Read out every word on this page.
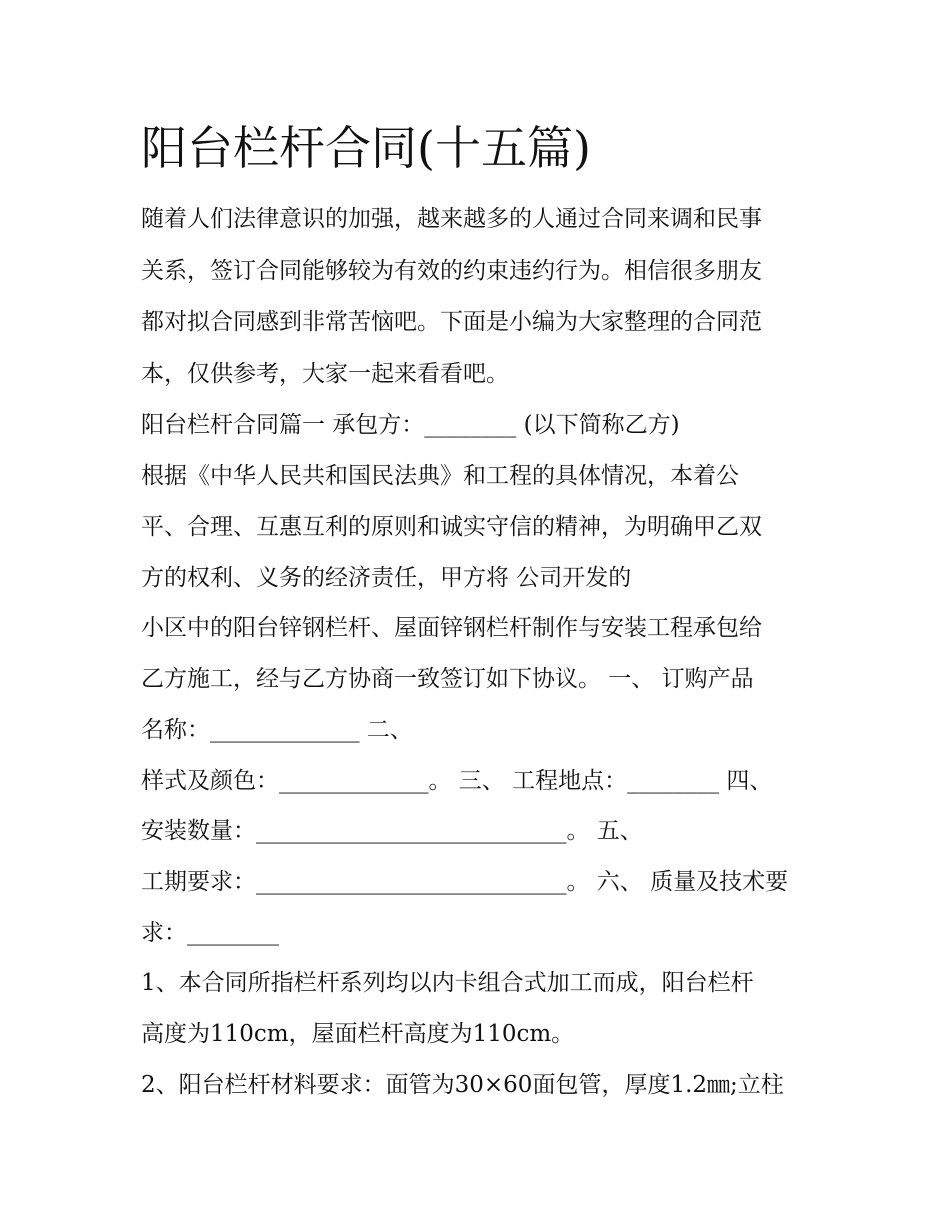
阳台栏杆合同(十五篇)

随着人们法律意识的加强，越来越多的人通过合同来调和民事

关系，签订合同能够较为有效的约束违约行为。相信很多朋友

都对拟合同感到非常苦恼吧。下面是小编为大家整理的合同范

本，仅供参考，大家一起来看看吧。

阳台栏杆合同篇一 承包方：________ (以下简称乙方)

根据《中华人民共和国民法典》和工程的具体情况，本着公

平、合理、互惠互利的原则和诚实守信的精神，为明确甲乙双

方的权利、义务的经济责任，甲方将 公司开发的

小区中的阳台锌钢栏杆、屋面锌钢栏杆制作与安装工程承包给

乙方施工，经与乙方协商一致签订如下协议。 一、 订购产品

名称：_____________ 二、

样式及颜色：_____________。 三、 工程地点：________ 四、

安装数量：___________________________。 五、

工期要求：___________________________。 六、 质量及技术要

求：________

1、本合同所指栏杆系列均以内卡组合式加工而成，阳台栏杆

高度为110cm，屋面栏杆高度为110cm。

2、阳台栏杆材料要求：面管为30×60面包管，厚度1.2㎜;立柱
